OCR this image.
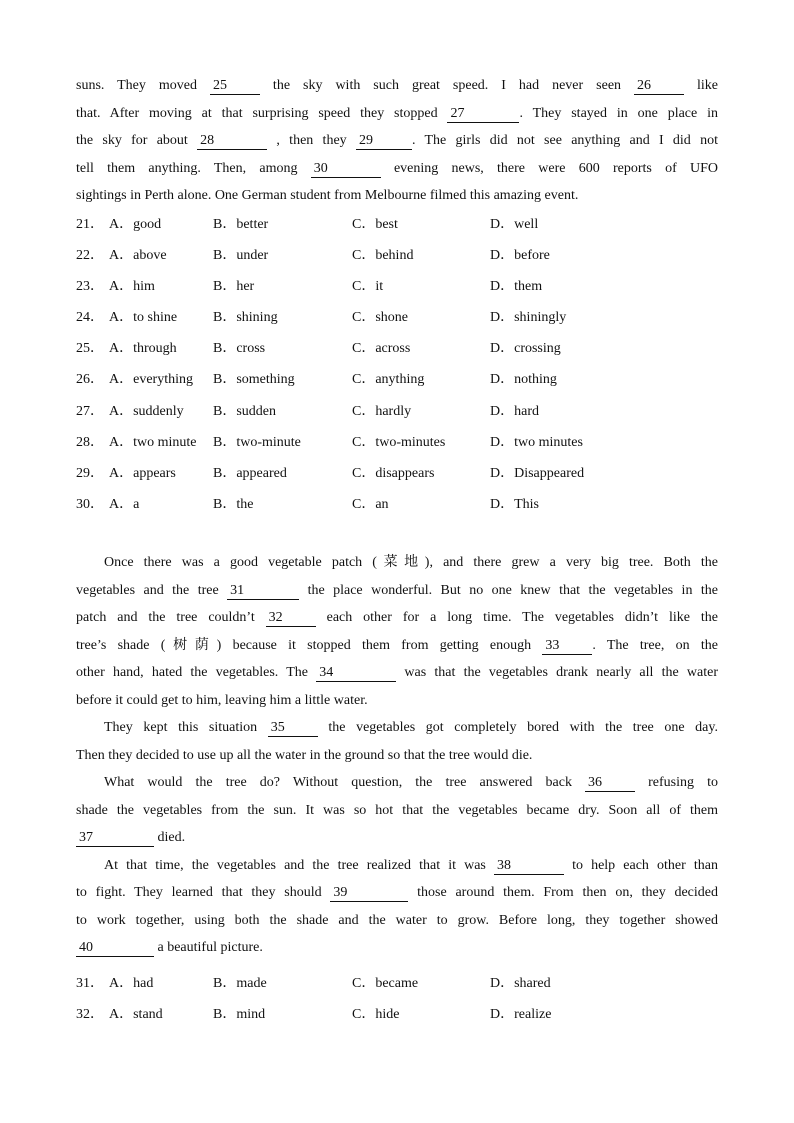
suns. They moved 25 the sky with such great speed. I had never seen 26 like
that. After moving at that surprising speed they stopped 27	. They stayed in one place in
the sky for about 28	, then they 29	. The girls did not see anything and I did not
tell them anything. Then, among 30	evening news, there were 600 reports of UFO
sightings in Perth alone. One German student from Melbourne filmed this amazing event.
21． A．good	B．better	C．best	D．well
22． A．above	B．under	C．behind	D．before
23． A．him	B．her	C．it	D．them
24． A．to shine	B．shining	C．shone	D．shiningly
25． A．through	B．cross	C．across	D．crossing
26． A．everything B．something	C．anything	D．nothing
27． A．suddenly B．sudden	C．hardly	D．hard
28． A．two minute B．two-minute	C．two-minutes	D．two minutes
29． A．appears	B．appeared	C．disappears	D．Disappeared
30． A．a	B．the	C．an	D．This
Once there was a good vegetable patch (菜地), and there grew a very big tree. Both the
vegetables and the tree 31	the place wonderful. But no one knew that the vegetables in the
patch and the tree couldn’t 32 each other for a long time. The vegetables didn’t like the
tree’s shade (树荫) because it stopped them from getting enough 33 . The tree, on the
other hand, hated the vegetables. The 34	was that the vegetables drank nearly all the water
before it could get to him, leaving him a little water.
They kept this situation 35 the vegetables got completely bored with the tree one day.
Then they decided to use up all the water in the ground so that the tree would die.
What would the tree do? Without question, the tree answered back 36 refusing to
shade the vegetables from the sun. It was so hot that the vegetables became dry. Soon all of them
37	died.
At that time, the vegetables and the tree realized that it was 38	to help each other than
to fight. They learned that they should 39	those around them. From then on, they decided
to work together, using both the shade and the water to grow. Before long, they together showed
40	a beautiful picture.
31． A．had	B．made	C．became	D．shared
32． A．stand	B．mind	C．hide	D．realize
